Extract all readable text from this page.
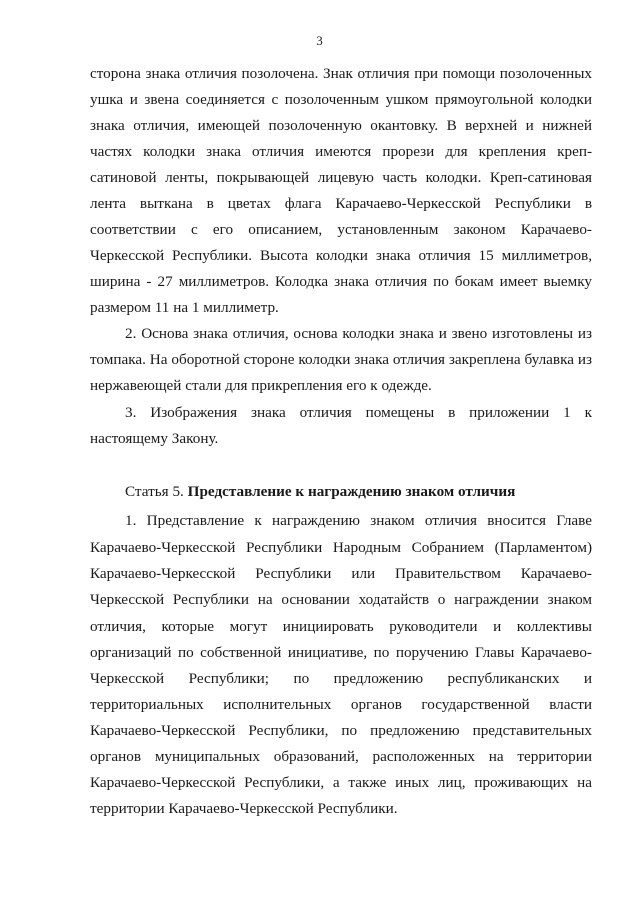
3
сторона знака отличия позолочена. Знак отличия при помощи позолоченных
ушка и звена соединяется с позолоченным ушком прямоугольной колодки
знака отличия, имеющей позолоченную окантовку. В верхней и нижней
частях колодки знака отличия имеются прорези для крепления креп-
сатиновой ленты, покрывающей лицевую часть колодки. Креп-сатиновая
лента выткана в цветах флага Карачаево-Черкесской Республики в
соответствии с его описанием, установленным законом Карачаево-
Черкесской Республики. Высота колодки знака отличия 15 миллиметров,
ширина - 27 миллиметров. Колодка знака отличия по бокам имеет выемку
размером 11 на 1 миллиметр.
2. Основа знака отличия, основа колодки знака и звено изготовлены из
томпака. На оборотной стороне колодки знака отличия закреплена булавка из
нержавеющей стали для прикрепления его к одежде.
3. Изображения знака отличия помещены в приложении 1 к
настоящему Закону.
Статья 5. Представление к награждению знаком отличия
1. Представление к награждению знаком отличия вносится Главе
Карачаево-Черкесской Республики Народным Собранием (Парламентом)
Карачаево-Черкесской Республики или Правительством Карачаево-
Черкесской Республики на основании ходатайств о награждении знаком
отличия, которые могут инициировать руководители и коллективы
организаций по собственной инициативе, по поручению Главы Карачаево-
Черкесской Республики; по предложению республиканских и
территориальных исполнительных органов государственной власти
Карачаево-Черкесской Республики, по предложению представительных
органов муниципальных образований, расположенных на территории
Карачаево-Черкесской Республики, а также иных лиц, проживающих на
территории Карачаево-Черкесской Республики.
